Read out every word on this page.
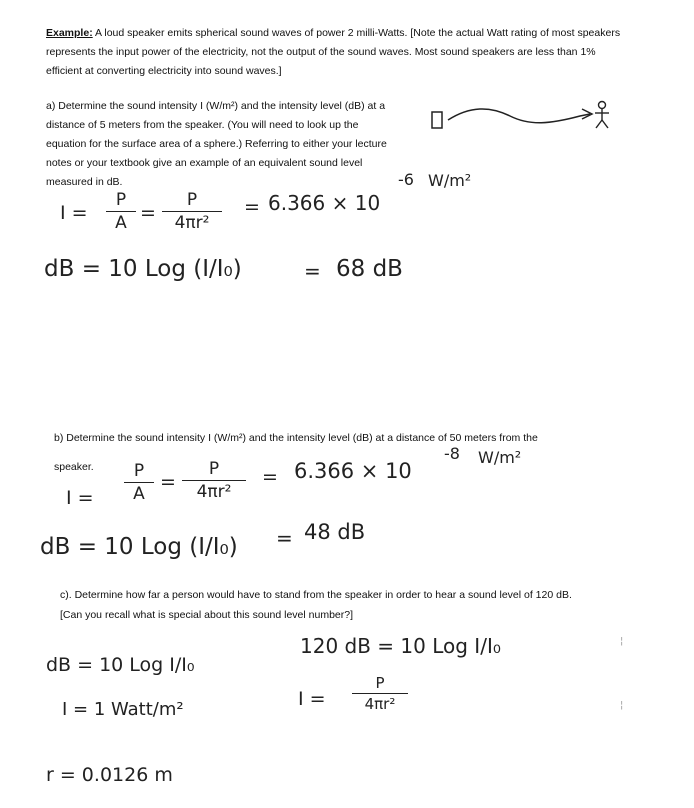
Example: A loud speaker emits spherical sound waves of power 2 milli-Watts. [Note the actual Watt rating of most speakers represents the input power of the electricity, not the output of the sound waves. Most sound speakers are less than 1% efficient at converting electricity into sound waves.]

a) Determine the sound intensity I (W/m²) and the intensity level (dB) at a distance of 5 meters from the speaker. (You will need to look up the equation for the surface area of a sphere.) Referring to either your lecture notes or your textbook give an example of an equivalent sound level measured in dB.

I =
P
A =
P
4πr²
= 6.366 × 10
-6 W/m²
dB = 10 Log (I/I₀)	= 68 dB

b) Determine the sound intensity I (W/m²) and the intensity level (dB) at a distance of 50 meters from the

speaker.

I =
P
A
=
P
4πr²
= 6.366 × 10
-8 W/m²
dB = 10 Log (I/I₀) = 48 dB

c). Determine how far a person would have to stand from the speaker in order to hear a sound level of 120 dB.

[Can you recall what is special about this sound level number?]

dB = 10 Log I/I₀
120 dB = 10 Log I/I₀
I = 1 Watt/m²	I =
P
4πr²
r = 0.0126 m
¦
¦
